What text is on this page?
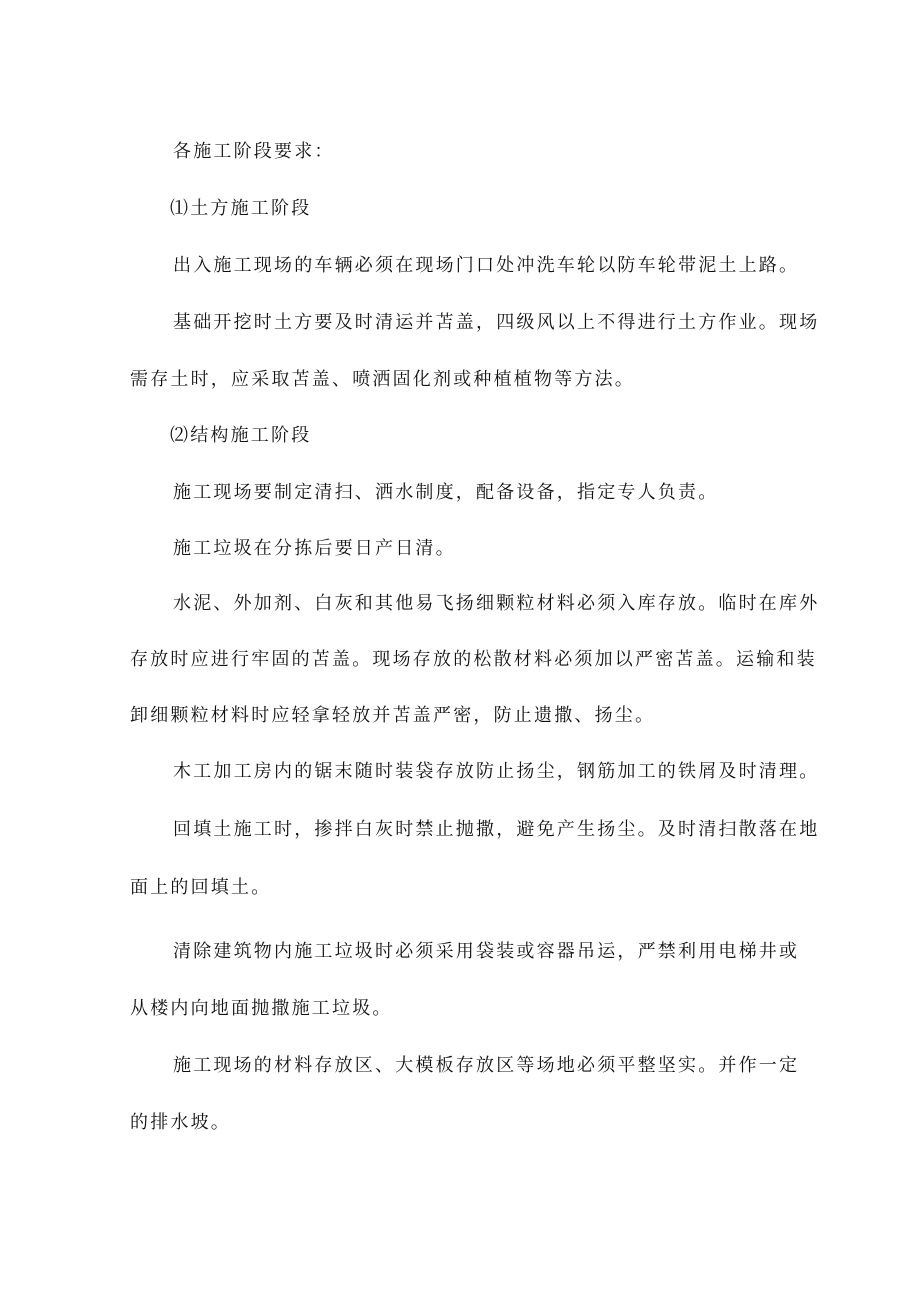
各施工阶段要求：

⑴土方施工阶段

出入施工现场的车辆必须在现场门口处冲洗车轮以防车轮带泥土上路。

基础开挖时土方要及时清运并苫盖，四级风以上不得进行土方作业。现场

需存土时，应采取苫盖、喷洒固化剂或种植植物等方法。

⑵结构施工阶段

施工现场要制定清扫、洒水制度，配备设备，指定专人负责。

施工垃圾在分拣后要日产日清。

水泥、外加剂、白灰和其他易飞扬细颗粒材料必须入库存放。临时在库外

存放时应进行牢固的苫盖。现场存放的松散材料必须加以严密苫盖。运输和装

卸细颗粒材料时应轻拿轻放并苫盖严密，防止遗撒、扬尘。

木工加工房内的锯末随时装袋存放防止扬尘，钢筋加工的铁屑及时清理。

回填土施工时，掺拌白灰时禁止抛撒，避免产生扬尘。及时清扫散落在地

面上的回填土。

清除建筑物内施工垃圾时必须采用袋装或容器吊运，严禁利用电梯井或

从楼内向地面抛撒施工垃圾。

施工现场的材料存放区、大模板存放区等场地必须平整坚实。并作一定

的排水坡。
